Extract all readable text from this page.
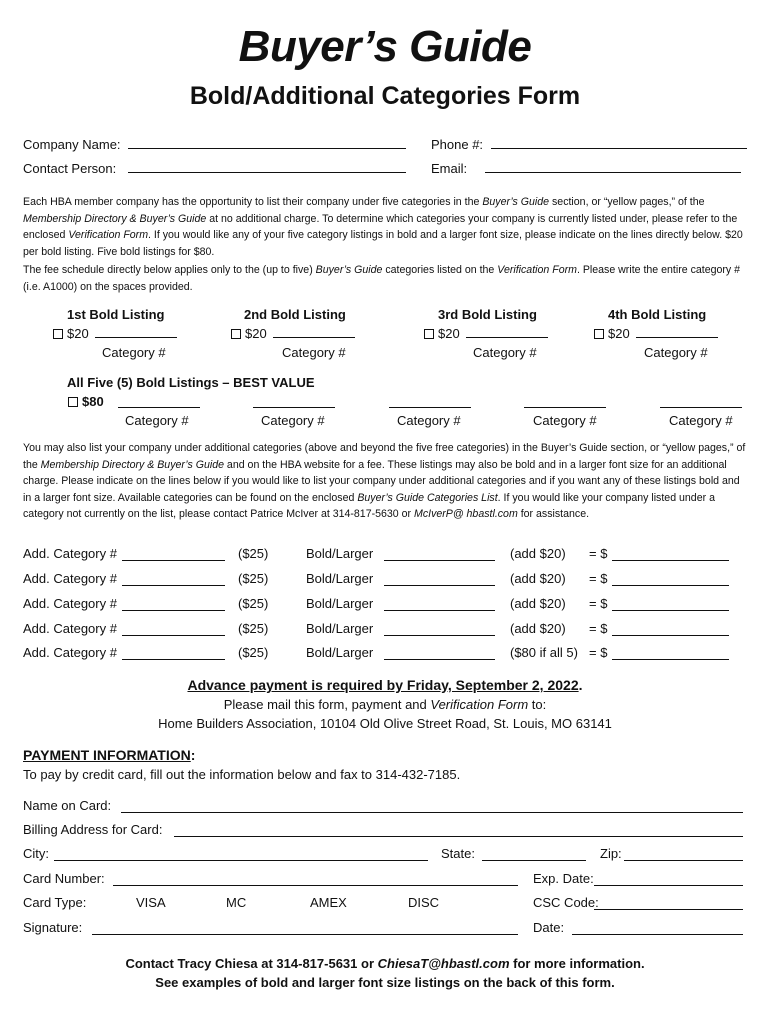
Buyer’s Guide
Bold/Additional Categories Form
Company Name:	Phone #:
Contact Person:	Email:
Each HBA member company has the opportunity to list their company under five categories in the Buyer’s Guide section, or “yellow pages,” of the Membership Directory & Buyer’s Guide at no additional charge. To determine which categories your company is currently listed under, please refer to the enclosed Verification Form. If you would like any of your five category listings in bold and a larger font size, please indicate on the lines directly below. $20 per bold listing. Five bold listings for $80.
The fee schedule directly below applies only to the (up to five) Buyer’s Guide categories listed on the Verification Form. Please write the entire category # (i.e. A1000) on the spaces provided.
1st Bold Listing	2nd Bold Listing	3rd Bold Listing	4th Bold Listing
$20	$20	$20	$20
Category #	Category #	Category #	Category #
All Five (5) Bold Listings – BEST VALUE
$80
Category #	Category #	Category #	Category #	Category #
You may also list your company under additional categories (above and beyond the five free categories) in the Buyer’s Guide section, or “yellow pages,” of the Membership Directory & Buyer’s Guide and on the HBA website for a fee. These listings may also be bold and in a larger font size for an additional charge. Please indicate on the lines below if you would like to list your company under additional categories and if you want any of these listings bold and in a larger font size. Available categories can be found on the enclosed Buyer’s Guide Categories List. If you would like your company listed under a category not currently on the list, please contact Patrice McIver at 314-817-5630 or McIverP@ hbastl.com for assistance.
Add. Category #	($25)	Bold/Larger	(add $20) = $
Add. Category #	($25)	Bold/Larger	(add $20) = $
Add. Category #	($25)	Bold/Larger	(add $20) = $
Add. Category #	($25)	Bold/Larger	(add $20) = $
Add. Category #	($25)	Bold/Larger	($80 if all 5) = $
Advance payment is required by Friday, September 2, 2022.
Please mail this form, payment and Verification Form to:
Home Builders Association, 10104 Old Olive Street Road, St. Louis, MO 63141
PAYMENT INFORMATION:
To pay by credit card, fill out the information below and fax to 314-432-7185.
Name on Card:
Billing Address for Card:
City:	State:	Zip:
Card Number:	Exp. Date:
Card Type:	VISA	MC	AMEX	DISC	CSC Code:
Signature:	Date:
Contact Tracy Chiesa at 314-817-5631 or ChiesaT@hbastl.com for more information.
See examples of bold and larger font size listings on the back of this form.
